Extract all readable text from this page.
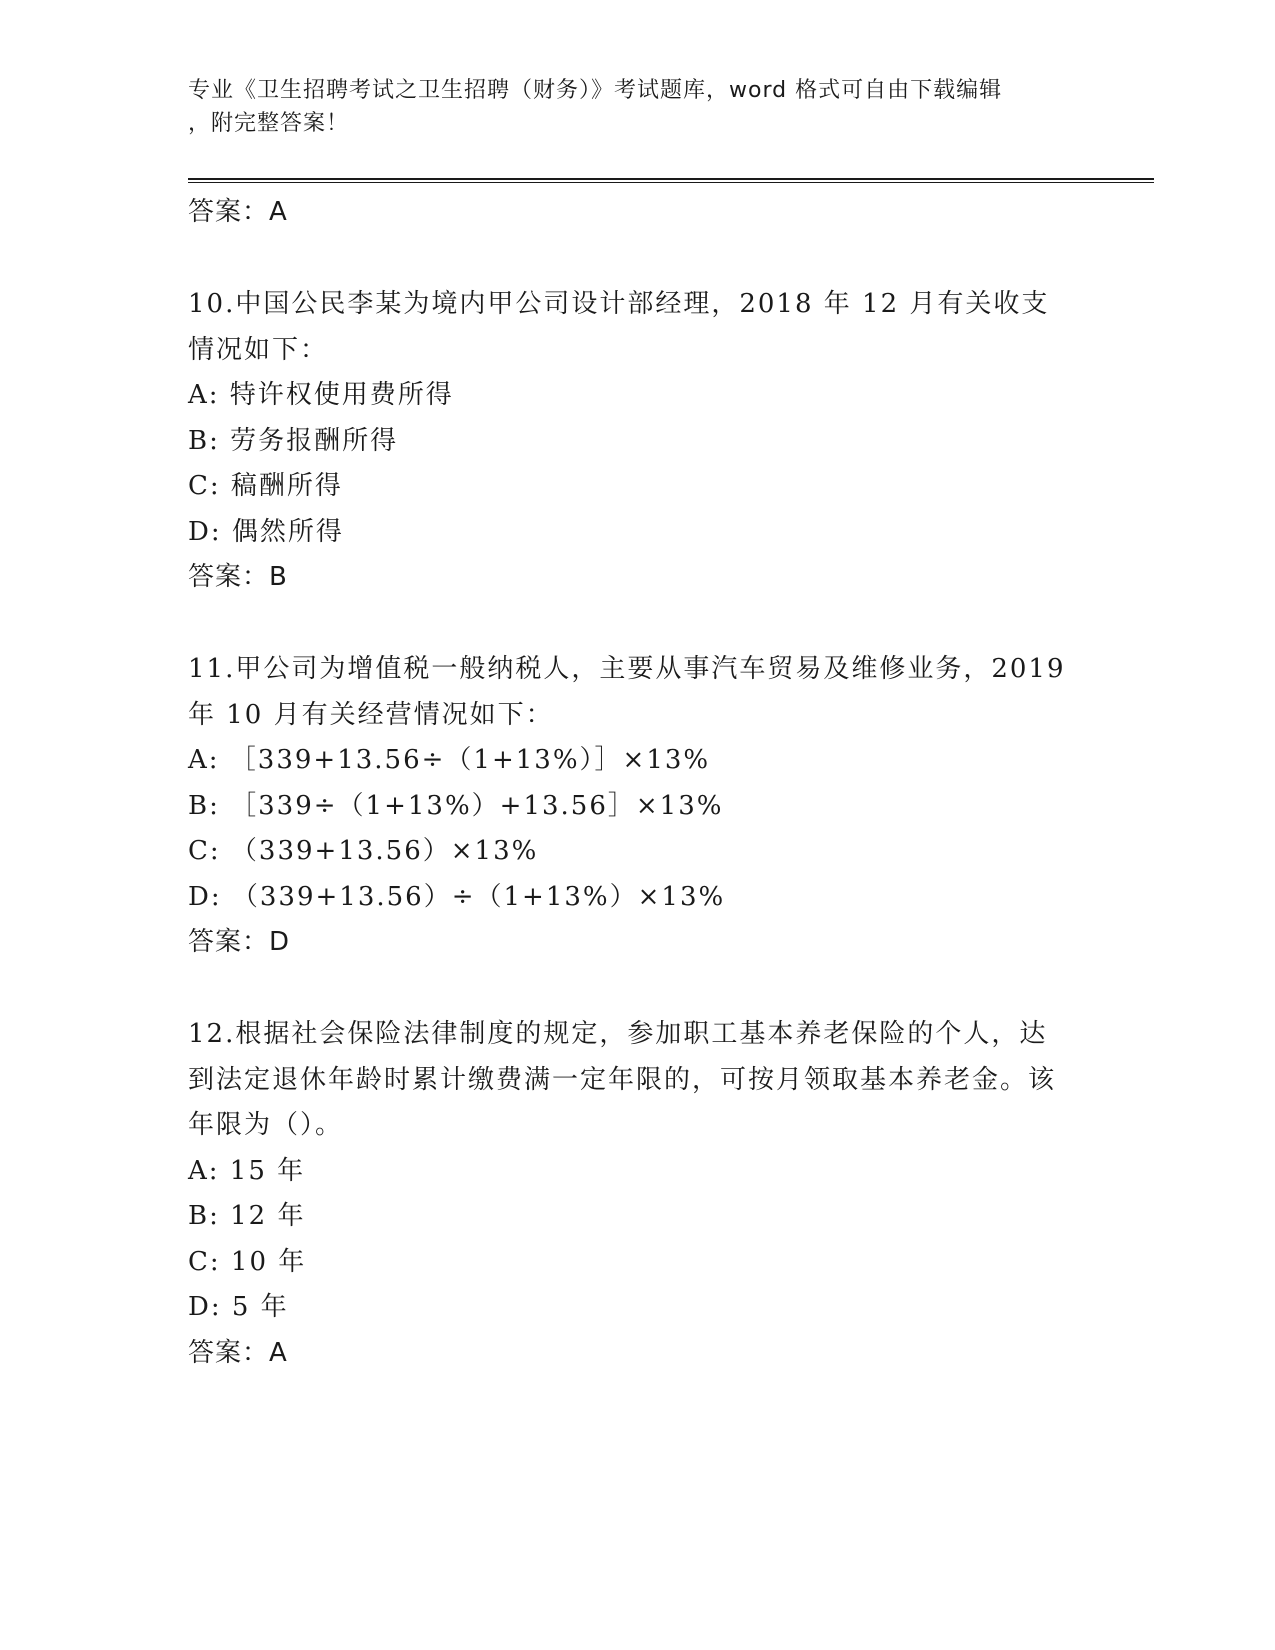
专业《卫生招聘考试之卫生招聘（财务）》考试题库，word 格式可自由下载编辑
，附完整答案！
答案：A
10.中国公民李某为境内甲公司设计部经理，2018 年 12 月有关收支情况如下：
A: 特许权使用费所得
B: 劳务报酬所得
C: 稿酬所得
D: 偶然所得
答案：B
11.甲公司为增值税一般纳税人，主要从事汽车贸易及维修业务，2019 年 10 月有关经营情况如下：
A: ［339+13.56÷（1+13%）］×13%
B: ［339÷（1+13%）+13.56］×13%
C: （339+13.56）×13%
D: （339+13.56）÷（1+13%）×13%
答案：D
12.根据社会保险法律制度的规定，参加职工基本养老保险的个人，达到法定退休年龄时累计缴费满一定年限的，可按月领取基本养老金。该年限为（）。
A: 15 年
B: 12 年
C: 10 年
D: 5 年
答案：A
